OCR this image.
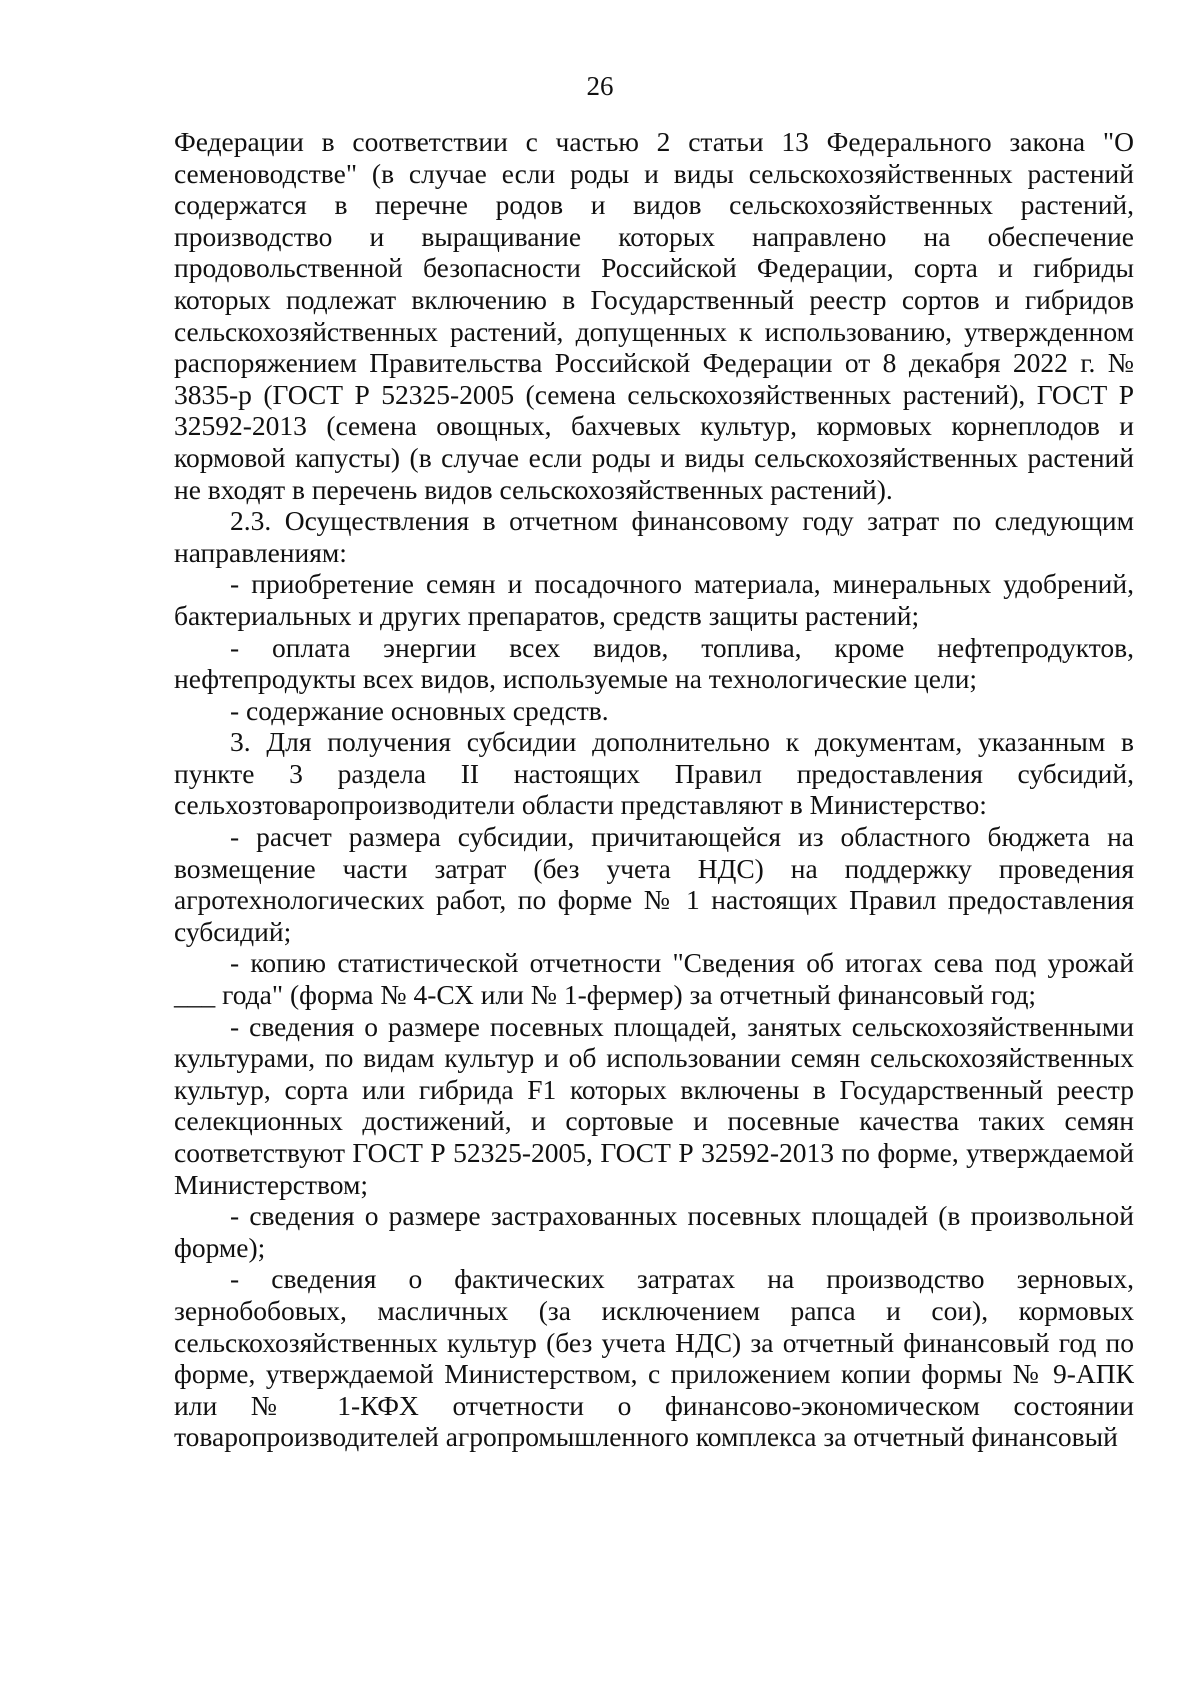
26

Федерации в соответствии с частью 2 статьи 13 Федерального закона "О семеноводстве" (в случае если роды и виды сельскохозяйственных растений содержатся в перечне родов и видов сельскохозяйственных растений, производство и выращивание которых направлено на обеспечение продовольственной безопасности Российской Федерации, сорта и гибриды которых подлежат включению в Государственный реестр сортов и гибридов сельскохозяйственных растений, допущенных к использованию, утвержденном распоряжением Правительства Российской Федерации от 8 декабря 2022 г. № 3835-р (ГОСТ Р 52325-2005 (семена сельскохозяйственных растений), ГОСТ Р 32592-2013 (семена овощных, бахчевых культур, кормовых корнеплодов и кормовой капусты) (в случае если роды и виды сельскохозяйственных растений не входят в перечень видов сельскохозяйственных растений).

2.3. Осуществления в отчетном финансовому году затрат по следующим направлениям:

- приобретение семян и посадочного материала, минеральных удобрений, бактериальных и других препаратов, средств защиты растений;

- оплата энергии всех видов, топлива, кроме нефтепродуктов, нефтепродукты всех видов, используемые на технологические цели;

- содержание основных средств.

3. Для получения субсидии дополнительно к документам, указанным в пункте 3 раздела II настоящих Правил предоставления субсидий, сельхозтоваропроизводители области представляют в Министерство:

- расчет размера субсидии, причитающейся из областного бюджета на возмещение части затрат (без учета НДС) на поддержку проведения агротехнологических работ, по форме № 1 настоящих Правил предоставления субсидий;

- копию статистической отчетности "Сведения об итогах сева под урожай ___ года" (форма № 4-СХ или № 1-фермер) за отчетный финансовый год;

- сведения о размере посевных площадей, занятых сельскохозяйственными культурами, по видам культур и об использовании семян сельскохозяйственных культур, сорта или гибрида F1 которых включены в Государственный реестр селекционных достижений, и сортовые и посевные качества таких семян соответствуют ГОСТ Р 52325-2005, ГОСТ Р 32592-2013 по форме, утверждаемой Министерством;

- сведения о размере застрахованных посевных площадей (в произвольной форме);

- сведения о фактических затратах на производство зерновых, зернобобовых, масличных (за исключением рапса и сои), кормовых сельскохозяйственных культур (без учета НДС) за отчетный финансовый год по форме, утверждаемой Министерством, с приложением копии формы № 9-АПК или № 1-КФХ отчетности о финансово-экономическом состоянии товаропроизводителей агропромышленного комплекса за отчетный финансовый
